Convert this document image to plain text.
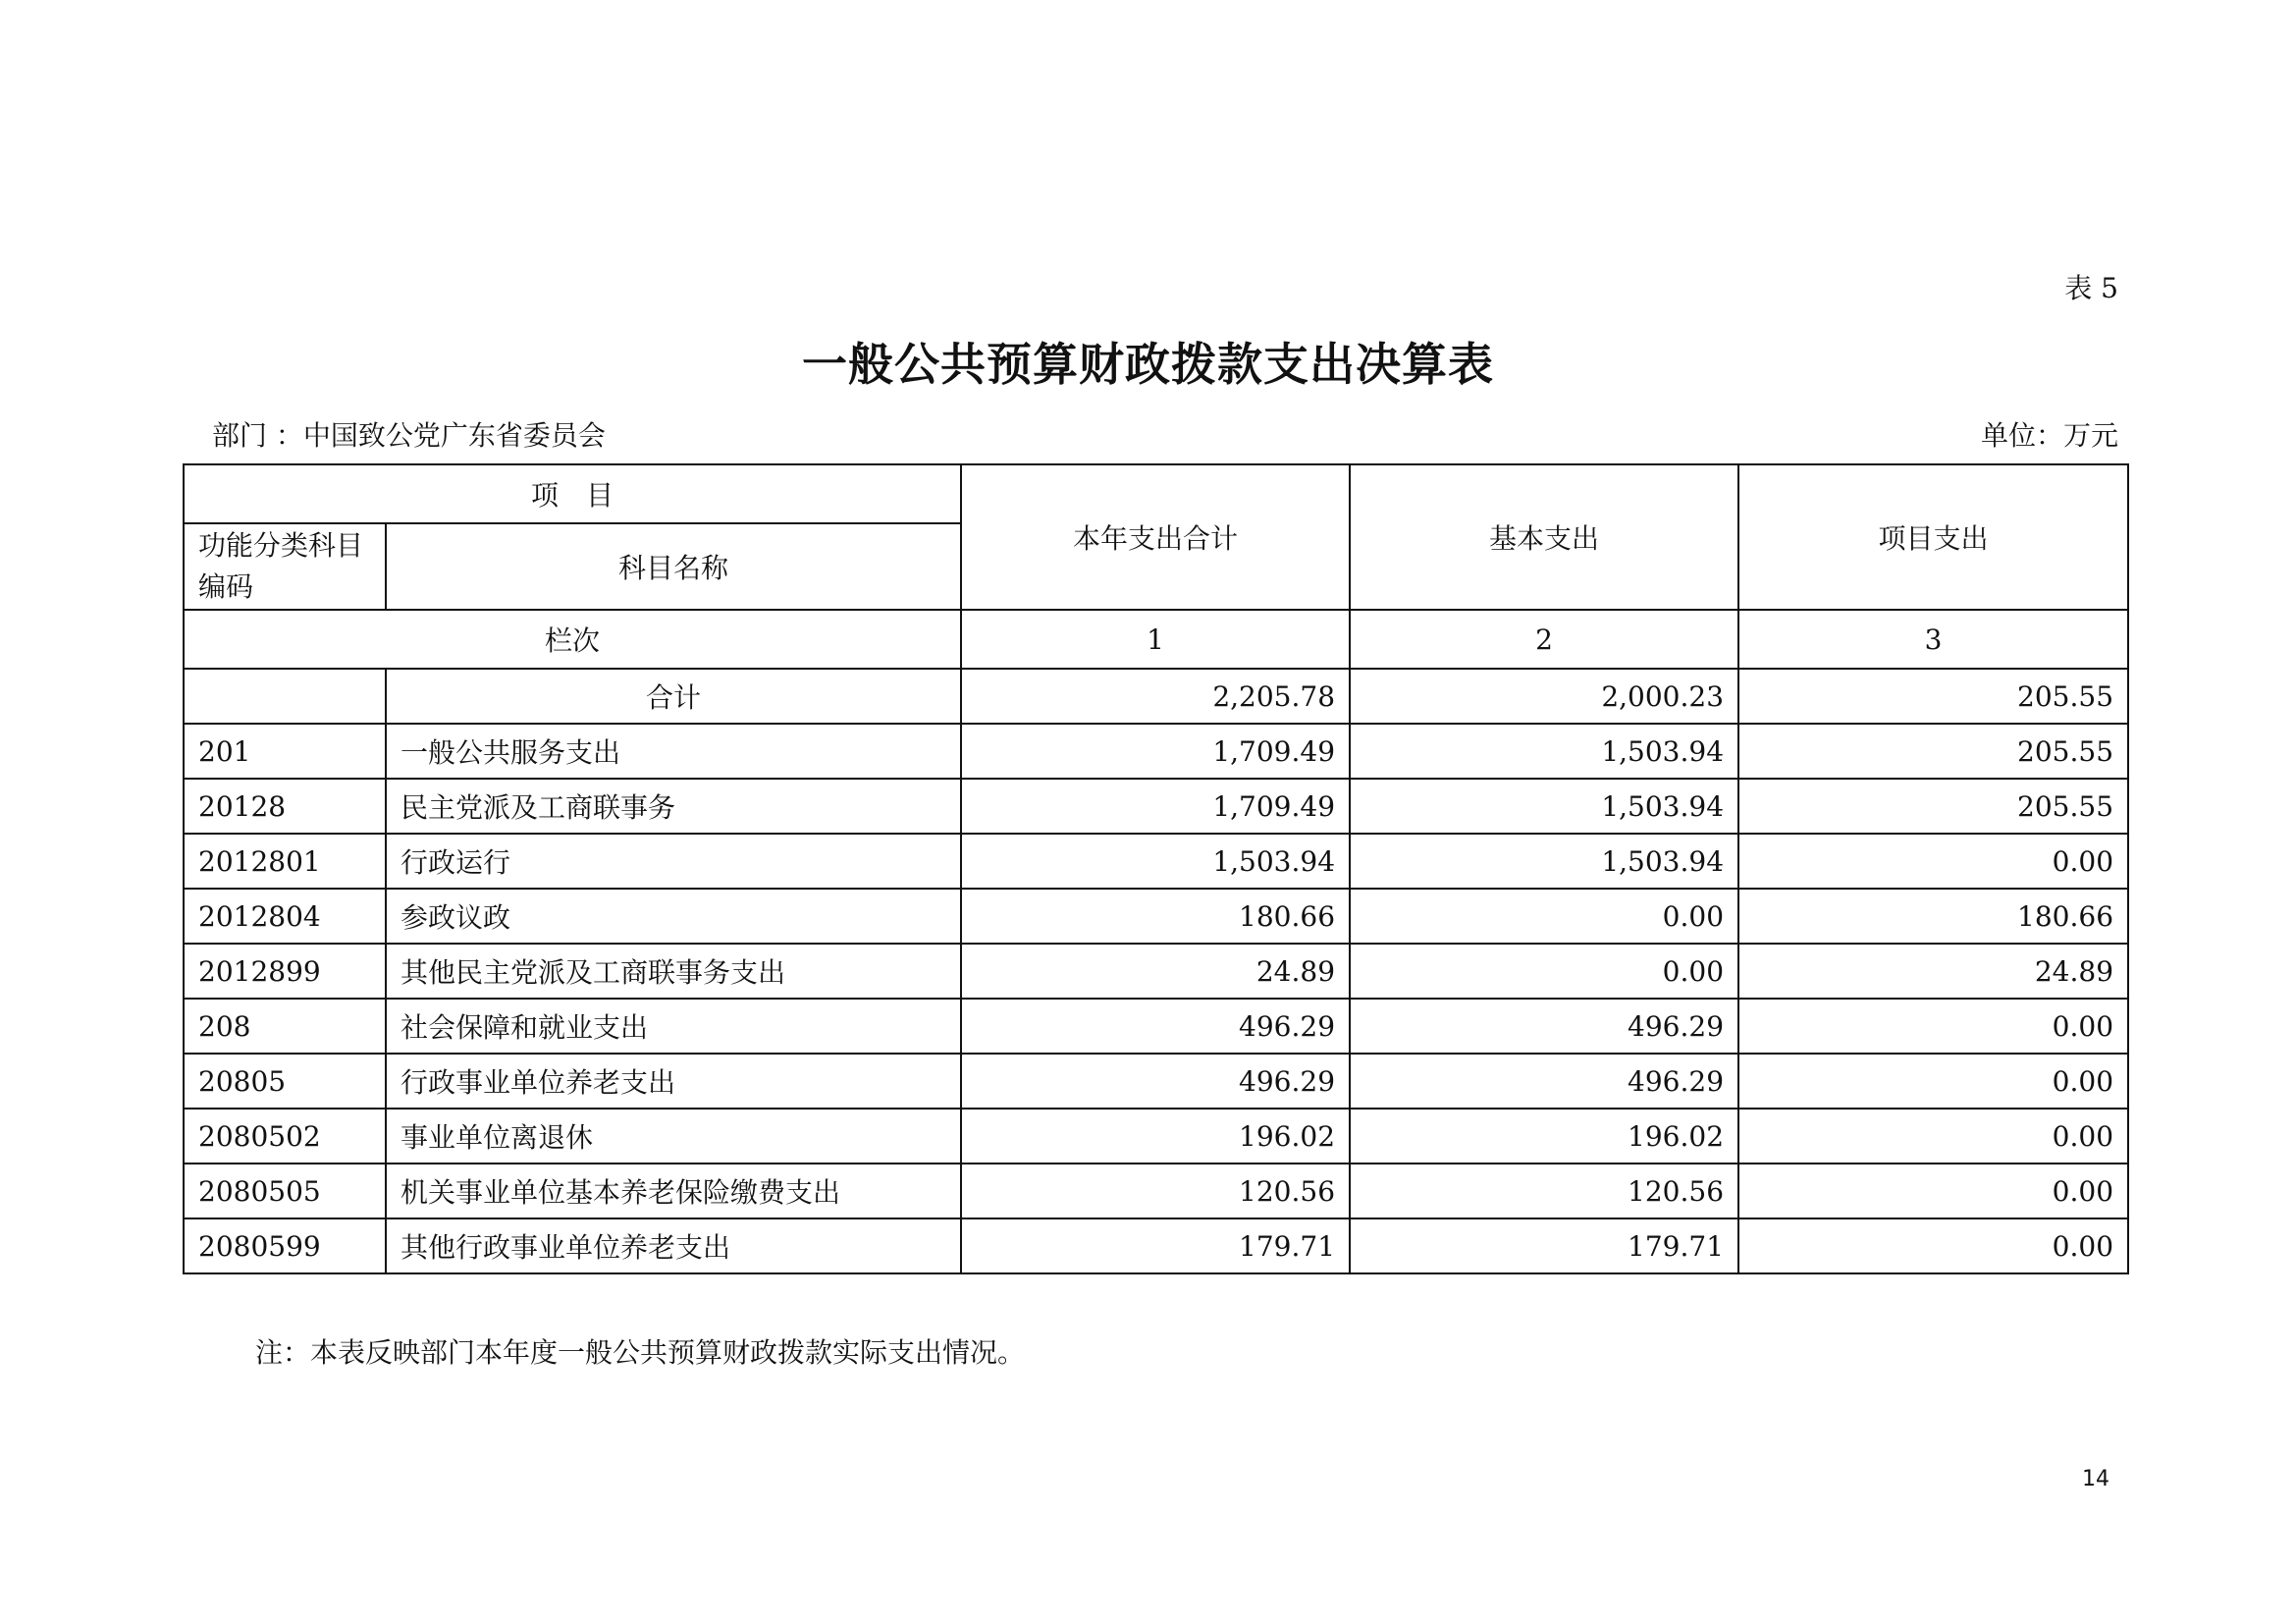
表 5
一般公共预算财政拨款支出决算表
部门 ：中国致公党广东省委员会	单位：万元
项　目		本年支出合计	基本支出	项目支出
功能分类科目编码	科目名称			
栏次		1	2	3
	合计	2,205.78	2,000.23	205.55
201	一般公共服务支出	1,709.49	1,503.94	205.55
20128	民主党派及工商联事务	1,709.49	1,503.94	205.55
2012801	行政运行	1,503.94	1,503.94	0.00
2012804	参政议政	180.66	0.00	180.66
2012899	其他民主党派及工商联事务支出	24.89	0.00	24.89
208	社会保障和就业支出	496.29	496.29	0.00
20805	行政事业单位养老支出	496.29	496.29	0.00
2080502	事业单位离退休	196.02	196.02	0.00
2080505	机关事业单位基本养老保险缴费支出	120.56	120.56	0.00
2080599	其他行政事业单位养老支出	179.71	179.71	0.00
注：本表反映部门本年度一般公共预算财政拨款实际支出情况。
14
